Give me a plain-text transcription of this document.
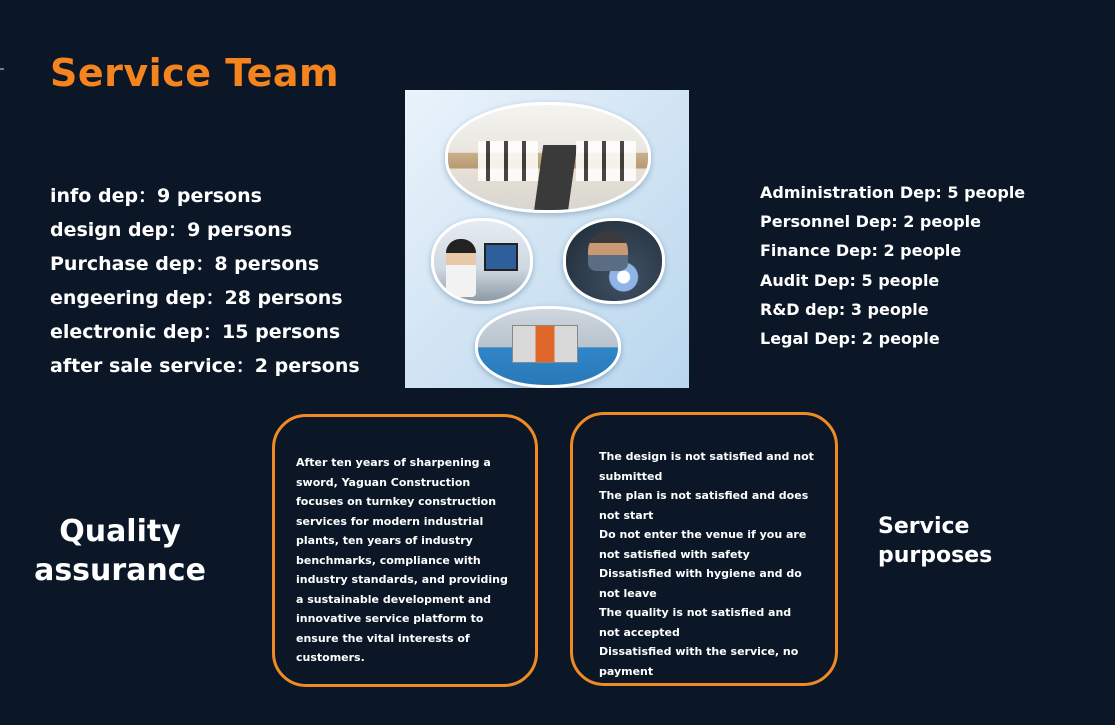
Service Team
info dep：9 persons
design dep：9 persons
Purchase dep：8 persons
engeering dep：28 persons
electronic dep：15 persons
after sale service：2 persons
Administration Dep: 5 people
Personnel Dep: 2 people
Finance Dep: 2 people
Audit Dep: 5 people
R&D dep: 3 people
Legal Dep: 2 people
Quality
assurance

After ten years of sharpening a sword, Yaguan Construction focuses on turnkey construction services for modern industrial plants, ten years of industry benchmarks, compliance with industry standards, and providing a sustainable development and innovative service platform to ensure the vital interests of customers.

The design is not satisfied and not submitted
The plan is not satisfied and does not start
Do not enter the venue if you are not satisfied with safety
Dissatisfied with hygiene and do not leave
The quality is not satisfied and not accepted
Dissatisfied with the service, no payment
Service
purposes
